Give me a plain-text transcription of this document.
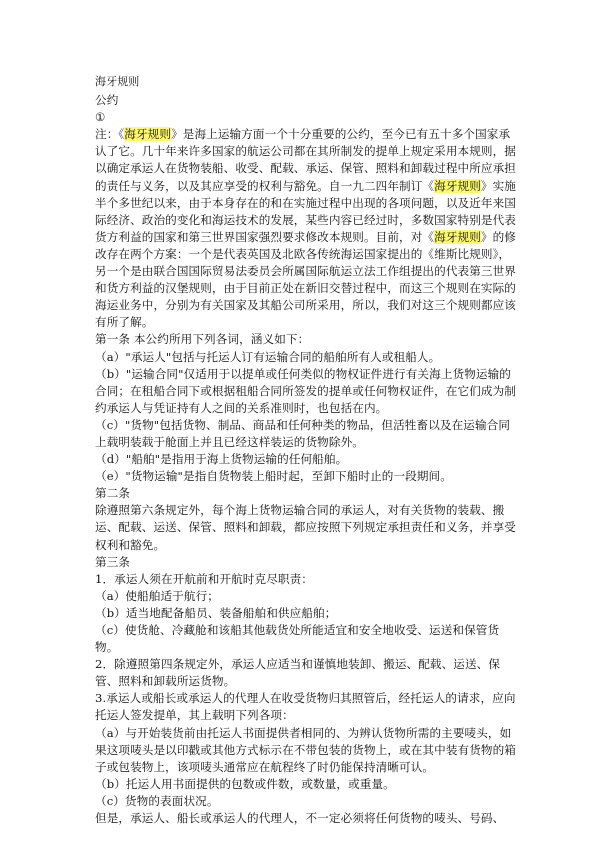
海牙规则

公约

①

注：《海牙规则》是海上运输方面一个十分重要的公约，至今已有五十多个国家承认了它。几十年来许多国家的航运公司都在其所制发的提单上规定采用本规则，据以确定承运人在货物装船、收受、配载、承运、保管、照料和卸载过程中所应承担的责任与义务，以及其应享受的权利与豁免。自一九二四年制订《海牙规则》实施半个多世纪以来，由于本身存在的和在实施过程中出现的各项问题，以及近年来国际经济、政治的变化和海运技术的发展，某些内容已经过时，多数国家特别是代表货方利益的国家和第三世界国家强烈要求修改本规则。目前，对《海牙规则》的修改存在两个方案：一个是代表英国及北欧各传统海运国家提出的《维斯比规则》，另一个是由联合国国际贸易法委员会所属国际航运立法工作组提出的代表第三世界和货方利益的汉堡规则，由于目前正处在新旧交替过程中，而这三个规则在实际的海运业务中，分别为有关国家及其船公司所采用，所以，我们对这三个规则都应该有所了解。

第一条 本公约所用下列各词，涵义如下：

（a）"承运人"包括与托运人订有运输合同的船舶所有人或租船人。

（b）"运输合同"仅适用于以提单或任何类似的物权证件进行有关海上货物运输的合同；在租船合同下或根据租船合同所签发的提单或任何物权证件，在它们成为制约承运人与凭证持有人之间的关系准则时，也包括在内。

（c）"货物"包括货物、制品、商品和任何种类的物品，但活牲畜以及在运输合同上载明装载于舱面上并且已经这样装运的货物除外。

（d）"船舶"是指用于海上货物运输的任何船舶。

（e）"货物运输"是指自货物装上船时起，至卸下船时止的一段期间。

第二条

除遵照第六条规定外，每个海上货物运输合同的承运人，对有关货物的装载、搬运、配载、运送、保管、照料和卸载，都应按照下列规定承担责任和义务，并享受权利和豁免。

第三条

1．承运人须在开航前和开航时克尽职责：

（a）使船舶适于航行；

（b）适当地配备船员、装备船舶和供应船舶；

（c）使货舱、冷藏舱和该船其他载货处所能适宜和安全地收受、运送和保管货物。

2．除遵照第四条规定外，承运人应适当和谨慎地装卸、搬运、配载、运送、保管、照料和卸载所运货物。

3.承运人或船长或承运人的代理人在收受货物归其照管后，经托运人的请求，应向托运人签发提单，其上载明下列各项：

（a）与开始装货前由托运人书面提供者相同的、为辨认货物所需的主要唛头，如果这项唛头是以印戳或其他方式标示在不带包装的货物上，或在其中装有货物的箱子或包装物上，该项唛头通常应在航程终了时仍能保持清晰可认。

（b）托运人用书面提供的包数或件数，或数量，或重量。

（c）货物的表面状况。

但是，承运人、船长或承运人的代理人，不一定必须将任何货物的唛头、号码、
